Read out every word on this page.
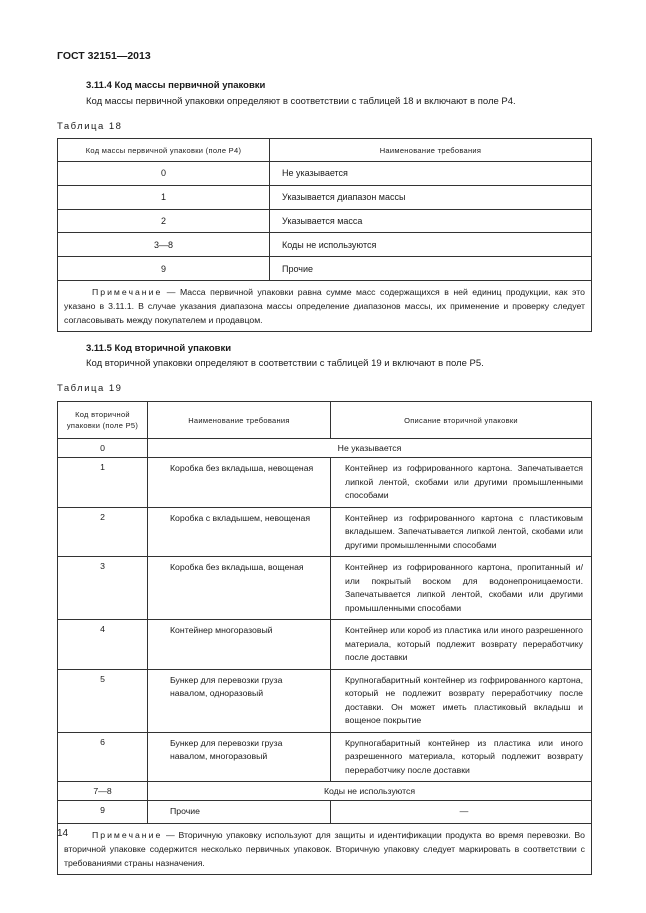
ГОСТ 32151—2013
3.11.4 Код массы первичной упаковки
Код массы первичной упаковки определяют в соответствии с таблицей 18 и включают в поле Р4.
Таблица 18
Код массы первичной упаковки (поле Р4)	Наименование требования
0	Не указывается
1	Указывается диапазон массы
2	Указывается масса
3—8	Коды не используются
9	Прочие
Примечание — Масса первичной упаковки равна сумме масс содержащихся в ней единиц продукции, как это указано в 3.11.1. В случае указания диапазона массы определение диапазонов массы, их применение и проверку следует согласовывать между покупателем и продавцом.	
3.11.5 Код вторичной упаковки
Код вторичной упаковки определяют в соответствии с таблицей 19 и включают в поле Р5.
Таблица 19
Код вторичной упаковки (поле Р5)	Наименование требования	Описание вторичной упаковки
0	Не указывается	
1	Коробка без вкладыша, невощеная	Контейнер из гофрированного картона. Запечатывается липкой лентой, скобами или другими промышленными способами
2	Коробка с вкладышем, невощеная	Контейнер из гофрированного картона с пластиковым вкладышем. Запечатывается липкой лентой, скобами или другими промышленными способами
3	Коробка без вкладыша, вощеная	Контейнер из гофрированного картона, пропитанный и/или покрытый воском для водонепроницаемости. Запечатывается липкой лентой, скобами или другими промышленными способами
4	Контейнер многоразовый	Контейнер или короб из пластика или иного разрешенного материала, который подлежит возврату переработчику после доставки
5	Бункер для перевозки груза навалом, одноразовый	Крупногабаритный контейнер из гофрированного картона, который не подлежит возврату переработчику после доставки. Он может иметь пластиковый вкладыш и вощеное покрытие
6	Бункер для перевозки груза навалом, многоразовый	Крупногабаритный контейнер из пластика или иного разрешенного материала, который подлежит возврату переработчику после доставки
7—8	Коды не используются	
9	Прочие	—
Примечание — Вторичную упаковку используют для защиты и идентификации продукта во время перевозки. Во вторичной упаковке содержится несколько первичных упаковок. Вторичную упаковку следует маркировать в соответствии с требованиями страны назначения.		
14
